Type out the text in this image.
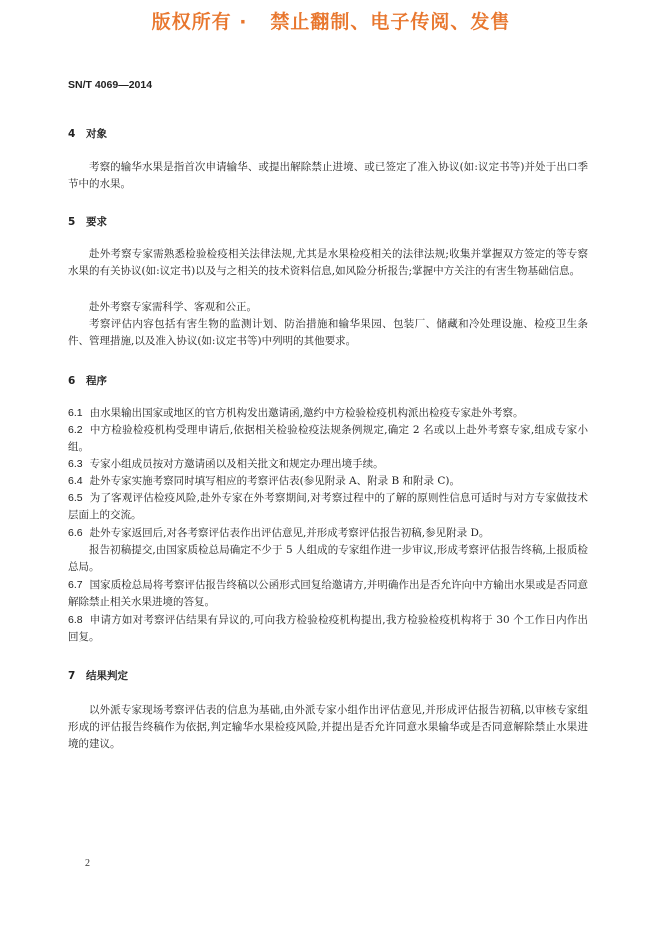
版权所有 ·   禁止翻制、电子传阅、发售
SN/T 4069—2014
4 对象
考察的输华水果是指首次申请输华、或提出解除禁止进境、或已签定了准入协议(如:议定书等)并处于出口季节中的水果。
5 要求
赴外考察专家需熟悉检验检疫相关法律法规,尤其是水果检疫相关的法律法规;收集并掌握双方签定的等专察水果的有关协议(如:议定书)以及与之相关的技术资料信息,如风险分析报告;掌握中方关注的有害生物基础信息。
赴外考察专家需科学、客观和公正。
考察评估内容包括有害生物的监测计划、防治措施和输华果园、包装厂、储藏和冷处理设施、检疫卫生条件、管理措施,以及准入协议(如:议定书等)中列明的其他要求。
6 程序
6.1 由水果输出国家或地区的官方机构发出邀请函,邀约中方检验检疫机构派出检疫专家赴外考察。
6.2 中方检验检疫机构受理申请后,依据相关检验检疫法规条例规定,确定 2 名或以上赴外考察专家,组成专家小组。
6.3 专家小组成员按对方邀请函以及相关批文和规定办理出境手续。
6.4 赴外专家实施考察同时填写相应的考察评估表(参见附录 A、附录 B 和附录 C)。
6.5 为了客观评估检疫风险,赴外专家在外考察期间,对考察过程中的了解的原则性信息可适时与对方专家做技术层面上的交流。
6.6 赴外专家返回后,对各考察评估表作出评估意见,并形成考察评估报告初稿,参见附录 D。
报告初稿提交,由国家质检总局确定不少于 5 人组成的专家组作进一步审议,形成考察评估报告终稿,上报质检总局。
6.7 国家质检总局将考察评估报告终稿以公函形式回复给邀请方,并明确作出是否允许向中方输出水果或是否同意解除禁止相关水果进境的答复。
6.8 申请方如对考察评估结果有异议的,可向我方检验检疫机构提出,我方检验检疫机构将于 30 个工作日内作出回复。
7 结果判定
以外派专家现场考察评估表的信息为基础,由外派专家小组作出评估意见,并形成评估报告初稿,以审核专家组形成的评估报告终稿作为依据,判定输华水果检疫风险,并提出是否允许同意水果输华或是否同意解除禁止水果进境的建议。
2
